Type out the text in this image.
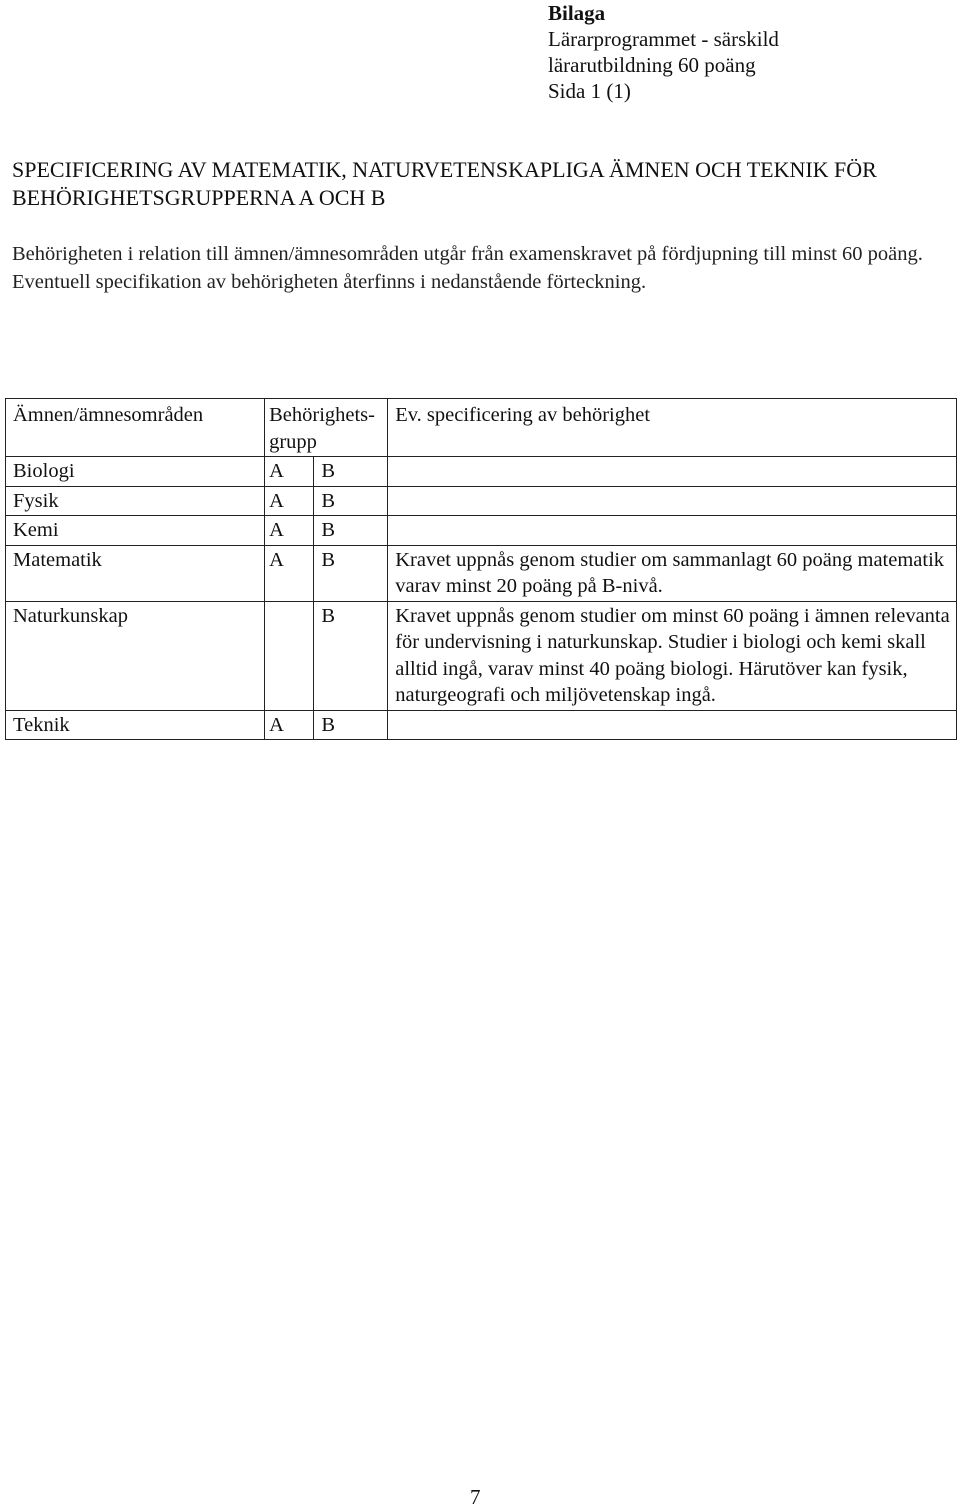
Bilaga
Lärarprogrammet - särskild
lärarutbildning 60 poäng
Sida 1 (1)
SPECIFICERING AV MATEMATIK, NATURVETENSKAPLIGA ÄMNEN OCH TEKNIK FÖR BEHÖRIGHETSGRUPPERNA A OCH B

Behörigheten i relation till ämnen/ämnesområden utgår från examenskravet på fördjupning till minst 60 poäng. Eventuell specifikation av behörigheten återfinns i nedanstående förteckning.

Ämnen/ämnesområden	Behörighets-grupp		Ev. specificering av behörighet
Biologi	A	B	
Fysik	A	B	
Kemi	A	B	
Matematik	A	B	Kravet uppnås genom studier om sammanlagt 60 poäng matematik varav minst 20 poäng på B-nivå.
Naturkunskap		B	Kravet uppnås genom studier om minst 60 poäng i ämnen relevanta för undervisning i naturkunskap. Studier i biologi och kemi skall alltid ingå, varav minst 40 poäng biologi. Härutöver kan fysik, naturgeografi och miljövetenskap ingå.
Teknik	A	B	
7
